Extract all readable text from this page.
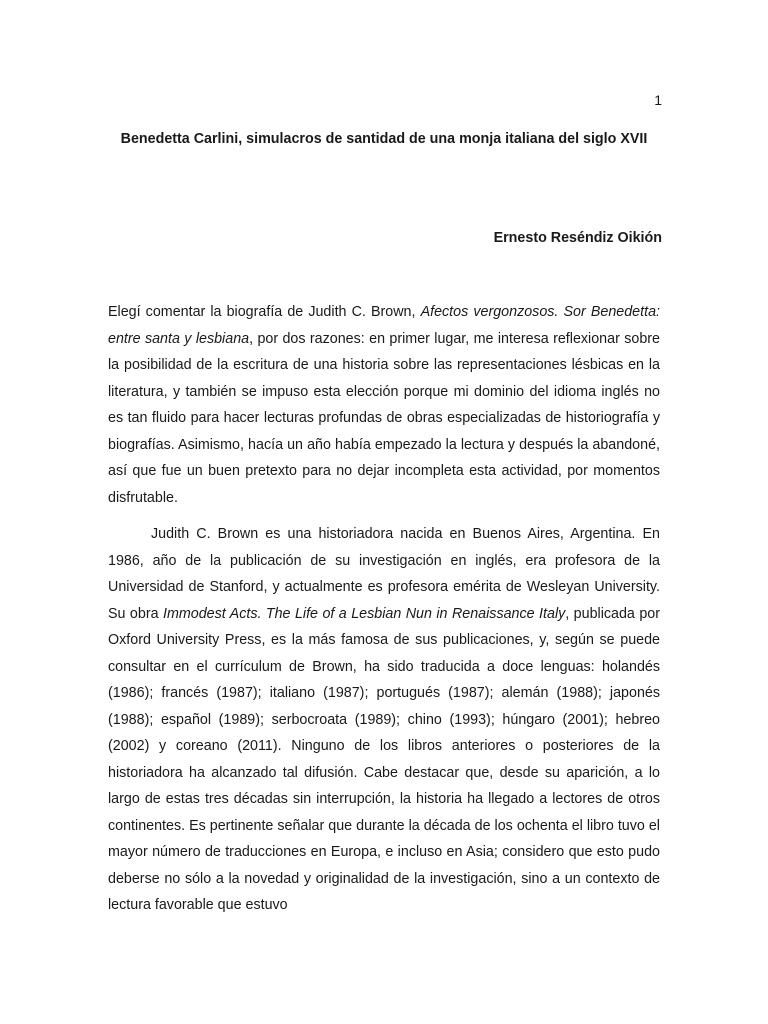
1
Benedetta Carlini, simulacros de santidad de una monja italiana del siglo XVII
Ernesto Reséndiz Oikión

Elegí comentar la biografía de Judith C. Brown, Afectos vergonzosos. Sor Benedetta: entre santa y lesbiana, por dos razones: en primer lugar, me interesa reflexionar sobre la posibilidad de la escritura de una historia sobre las representaciones lésbicas en la literatura, y también se impuso esta elección porque mi dominio del idioma inglés no es tan fluido para hacer lecturas profundas de obras especializadas de historiografía y biografías. Asimismo, hacía un año había empezado la lectura y después la abandoné, así que fue un buen pretexto para no dejar incompleta esta actividad, por momentos disfrutable.

Judith C. Brown es una historiadora nacida en Buenos Aires, Argentina. En 1986, año de la publicación de su investigación en inglés, era profesora de la Universidad de Stanford, y actualmente es profesora emérita de Wesleyan University. Su obra Immodest Acts. The Life of a Lesbian Nun in Renaissance Italy, publicada por Oxford University Press, es la más famosa de sus publicaciones, y, según se puede consultar en el currículum de Brown, ha sido traducida a doce lenguas: holandés (1986); francés (1987); italiano (1987); portugués (1987); alemán (1988); japonés (1988); español (1989); serbocroata (1989); chino (1993); húngaro (2001); hebreo (2002) y coreano (2011). Ninguno de los libros anteriores o posteriores de la historiadora ha alcanzado tal difusión. Cabe destacar que, desde su aparición, a lo largo de estas tres décadas sin interrupción, la historia ha llegado a lectores de otros continentes. Es pertinente señalar que durante la década de los ochenta el libro tuvo el mayor número de traducciones en Europa, e incluso en Asia; considero que esto pudo deberse no sólo a la novedad y originalidad de la investigación, sino a un contexto de lectura favorable que estuvo
